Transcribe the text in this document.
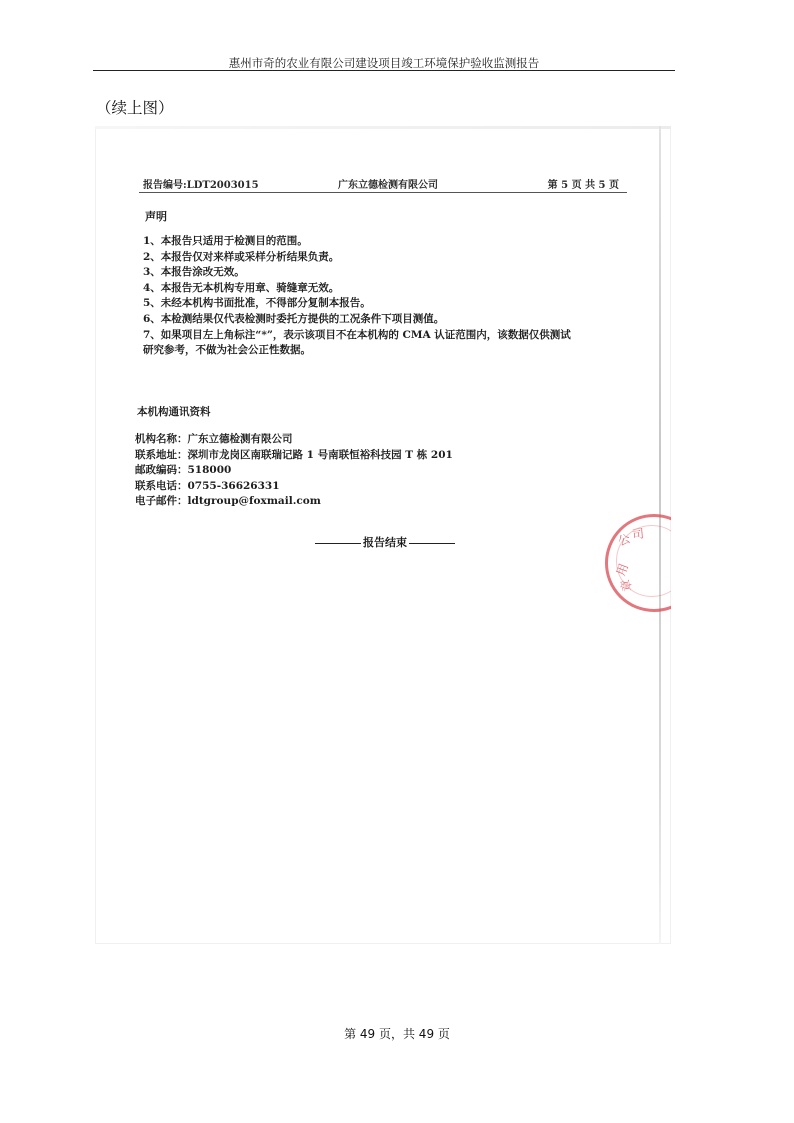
惠州市奇的农业有限公司建设项目竣工环境保护验收监测报告
（续上图）
报告编号:LDT2003015	广东立德检测有限公司	第 5 页 共 5 页
声明
1、本报告只适用于检测目的范围。
2、本报告仅对来样或采样分析结果负责。
3、本报告涂改无效。
4、本报告无本机构专用章、骑缝章无效。
5、未经本机构书面批准，不得部分复制本报告。
6、本检测结果仅代表检测时委托方提供的工况条件下项目测值。
7、如果项目左上角标注“*”，表示该项目不在本机构的 CMA 认证范围内，该数据仅供测试
研究参考，不做为社会公正性数据。
本机构通讯资料
机构名称：广东立德检测有限公司
联系地址：深圳市龙岗区南联瑞记路 1 号南联恒裕科技园 T 栋 201
邮政编码：518000
联系电话：0755-36626331
电子邮件：ldtgroup@foxmail.com
报告结束	公 司
用
章
第 49 页，共 49 页
